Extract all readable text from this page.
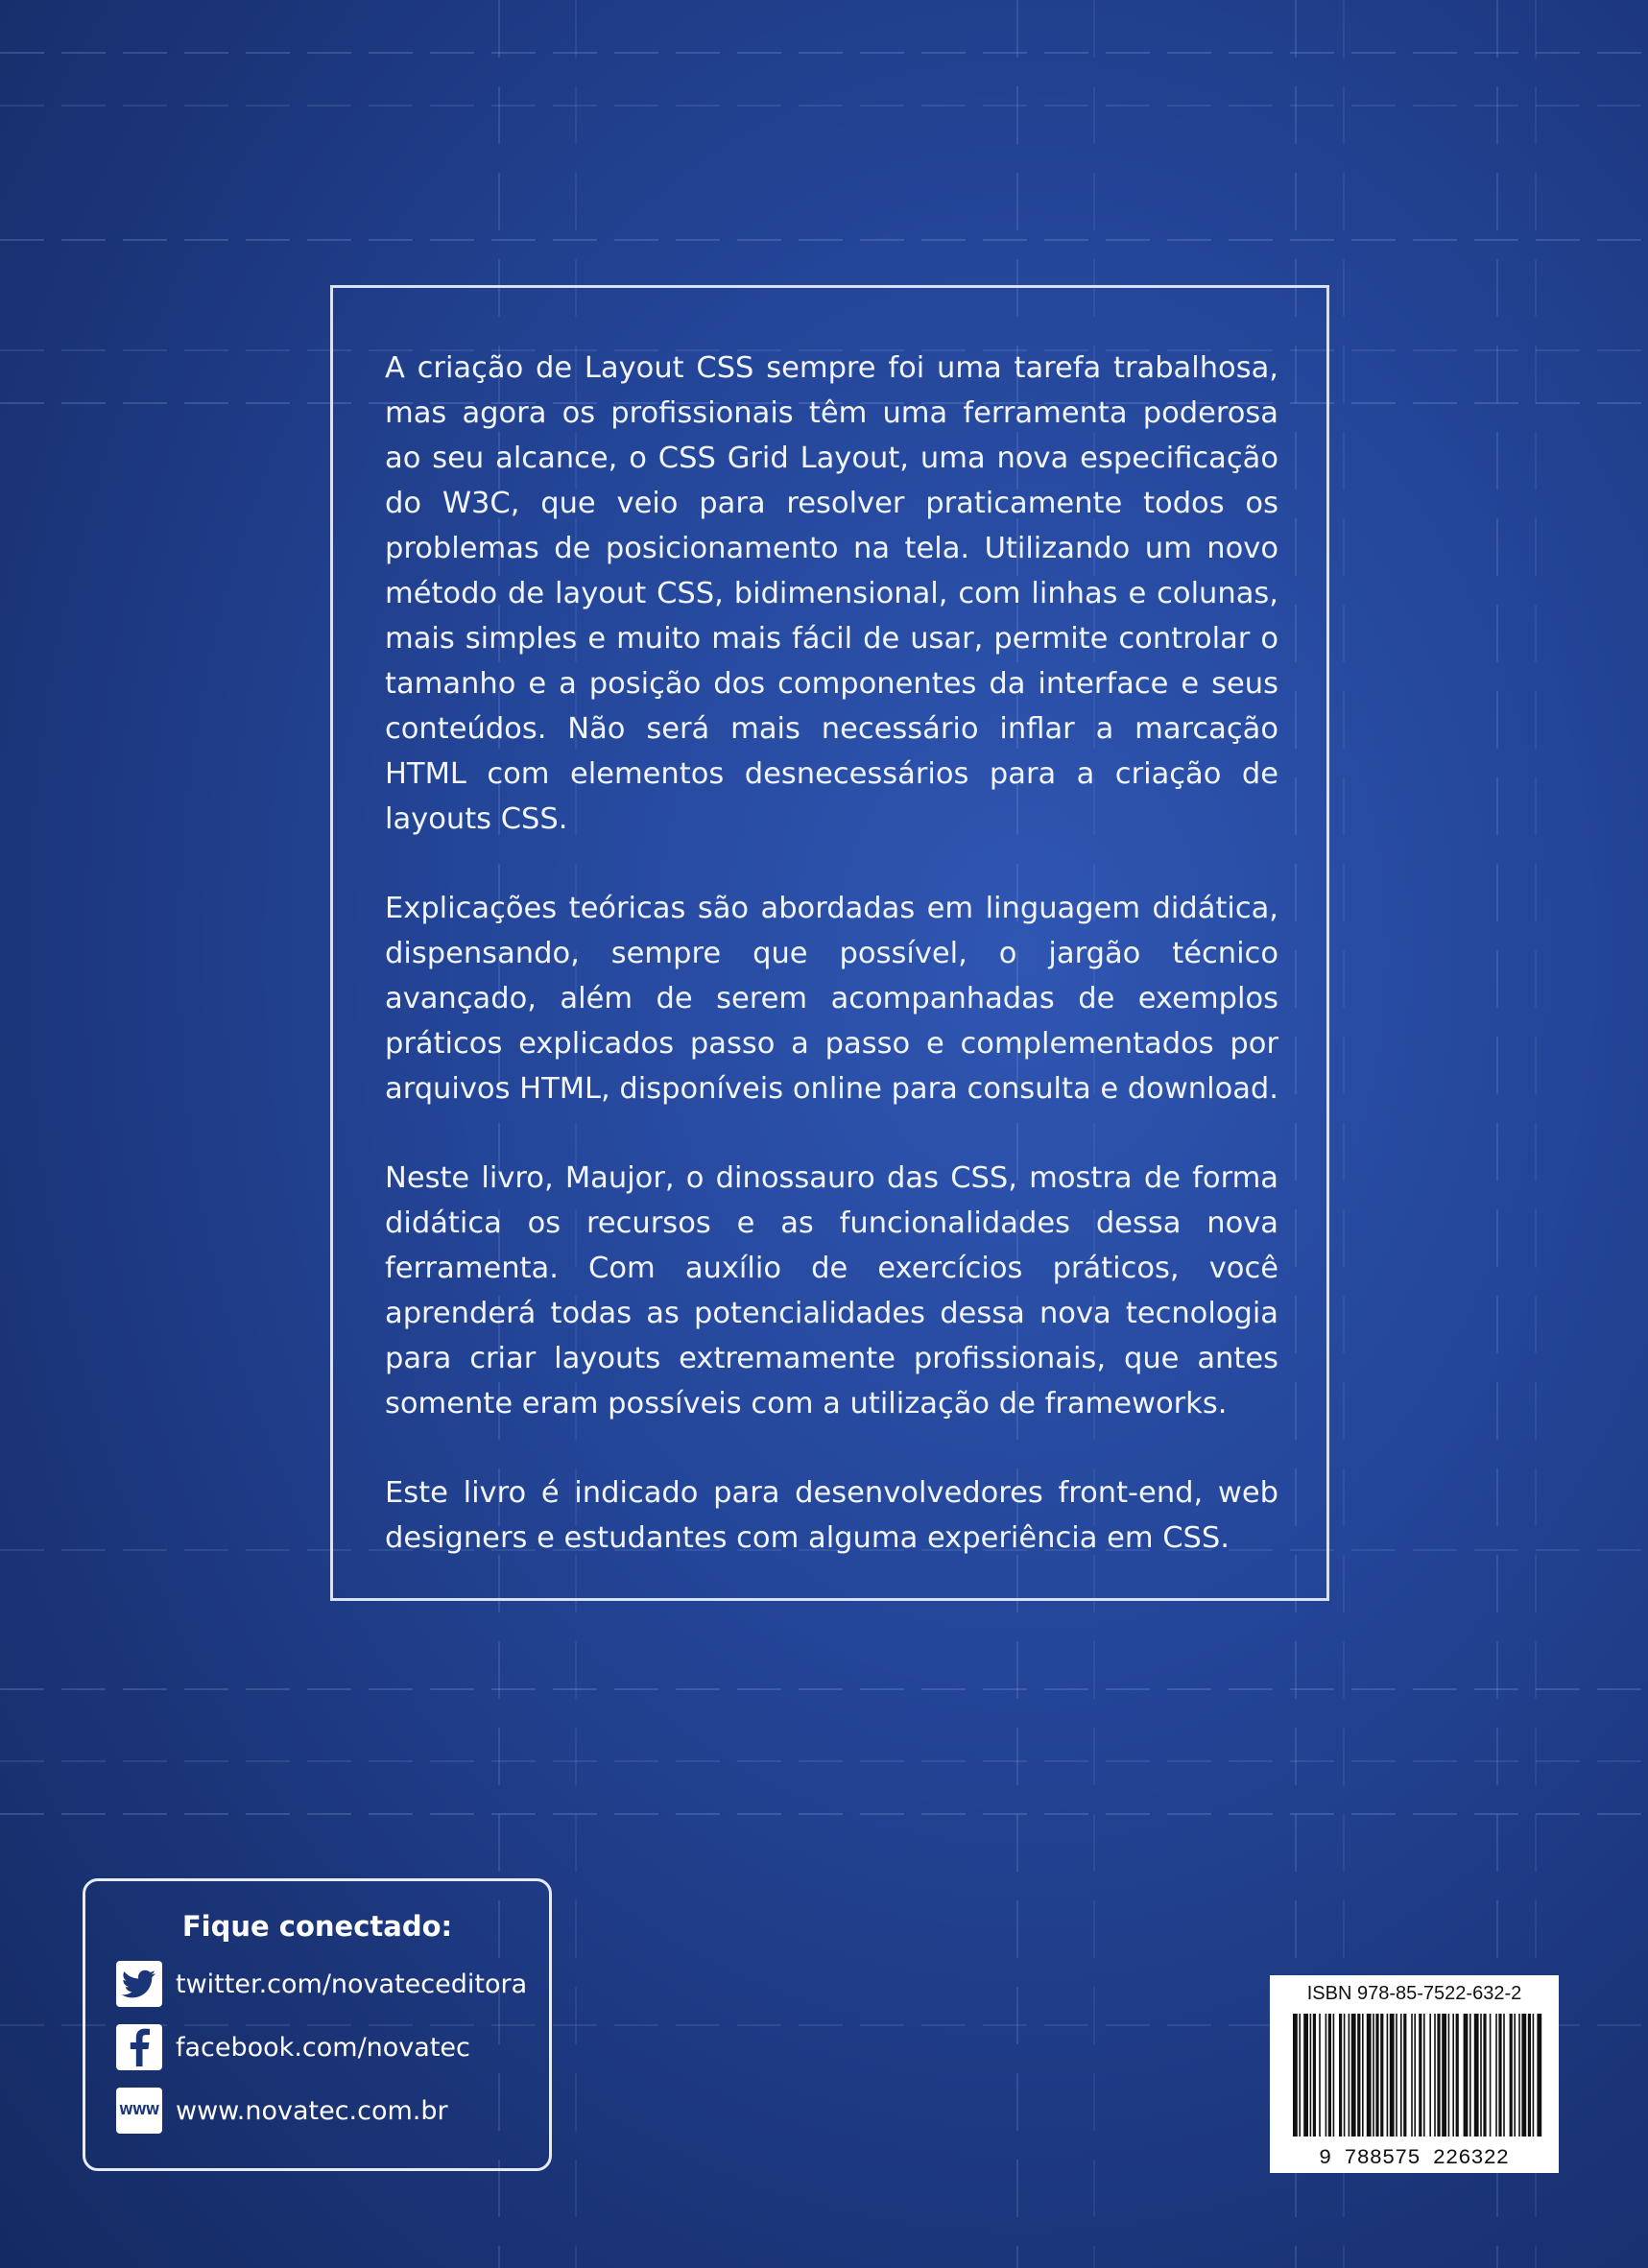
A criação de Layout CSS sempre foi uma tarefa trabalhosa, mas agora os profissionais têm uma ferramenta poderosa ao seu alcance, o CSS Grid Layout, uma nova especificação do W3C, que veio para resolver praticamente todos os problemas de posicionamento na tela. Utilizando um novo método de layout CSS, bidimensional, com linhas e colunas, mais simples e muito mais fácil de usar, permite controlar o tamanho e a posição dos componentes da interface e seus conteúdos. Não será mais necessário inflar a marcação HTML com elementos desnecessários para a criação de layouts CSS.

Explicações teóricas são abordadas em linguagem didática, dispensando, sempre que possível, o jargão técnico avançado, além de serem acompanhadas de exemplos práticos explicados passo a passo e complementados por arquivos HTML, disponíveis online para consulta e download.

Neste livro, Maujor, o dinossauro das CSS, mostra de forma didática os recursos e as funcionalidades dessa nova ferramenta. Com auxílio de exercícios práticos, você aprenderá todas as potencialidades dessa nova tecnologia para criar layouts extremamente profissionais, que antes somente eram possíveis com a utilização de frameworks.

Este livro é indicado para desenvolvedores front-end, web designers e estudantes com alguma experiência em CSS.

Fique conectado:
twitter.com/novateceditora
facebook.com/novatec
WWW www.novatec.com.br
ISBN 978-85-7522-632-2
9 788575 226322
